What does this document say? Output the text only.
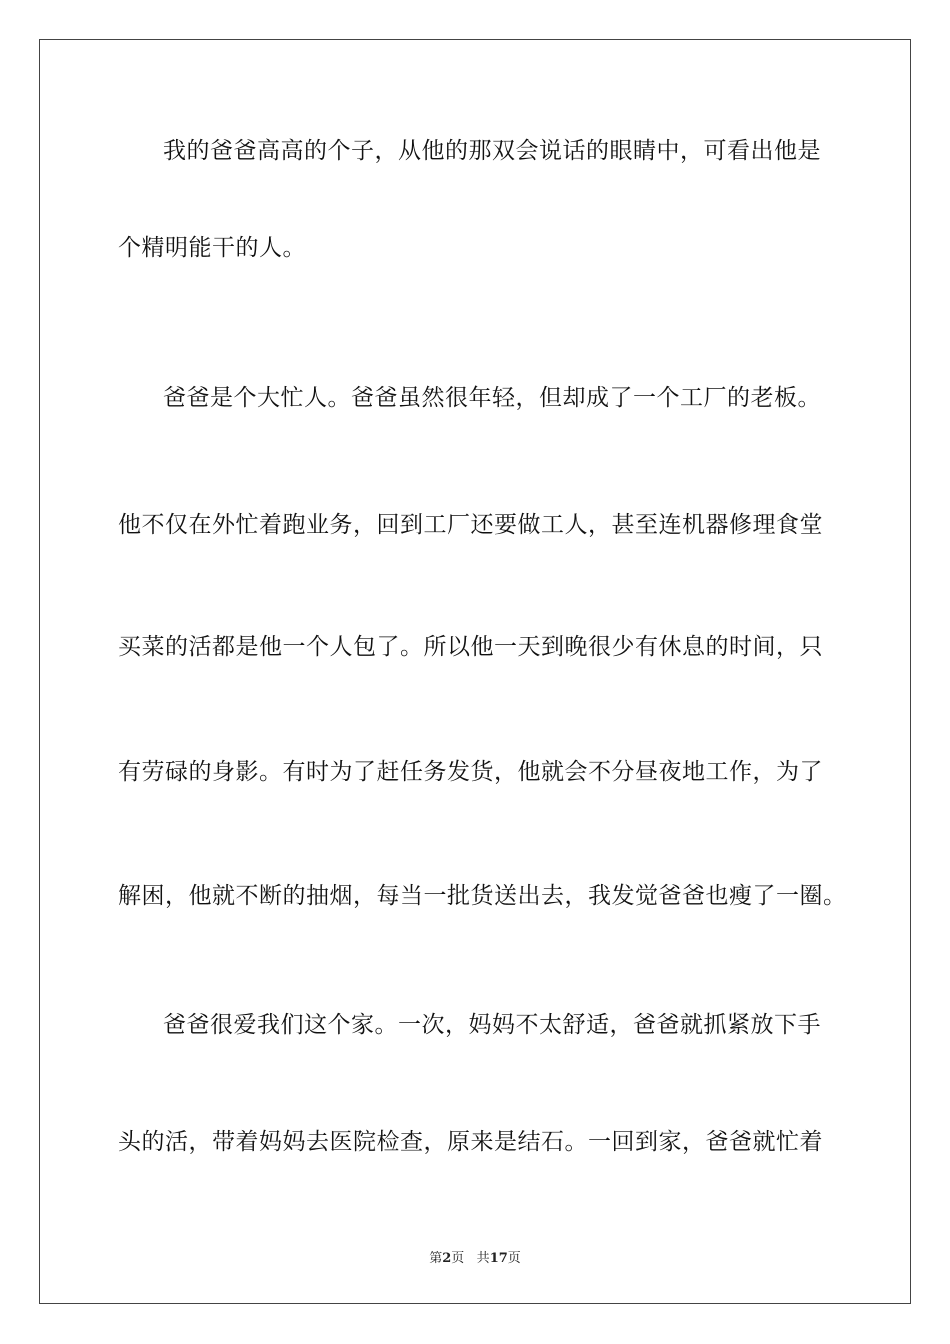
我的爸爸高高的个子，从他的那双会说话的眼睛中，可看出他是
个精明能干的人。
爸爸是个大忙人。爸爸虽然很年轻，但却成了一个工厂的老板。
他不仅在外忙着跑业务，回到工厂还要做工人，甚至连机器修理食堂
买菜的活都是他一个人包了。所以他一天到晚很少有休息的时间，只
有劳碌的身影。有时为了赶任务发货，他就会不分昼夜地工作，为了
解困，他就不断的抽烟，每当一批货送出去，我发觉爸爸也瘦了一圈。
爸爸很爱我们这个家。一次，妈妈不太舒适，爸爸就抓紧放下手
头的活，带着妈妈去医院检查，原来是结石。一回到家，爸爸就忙着
第2页 共17页
